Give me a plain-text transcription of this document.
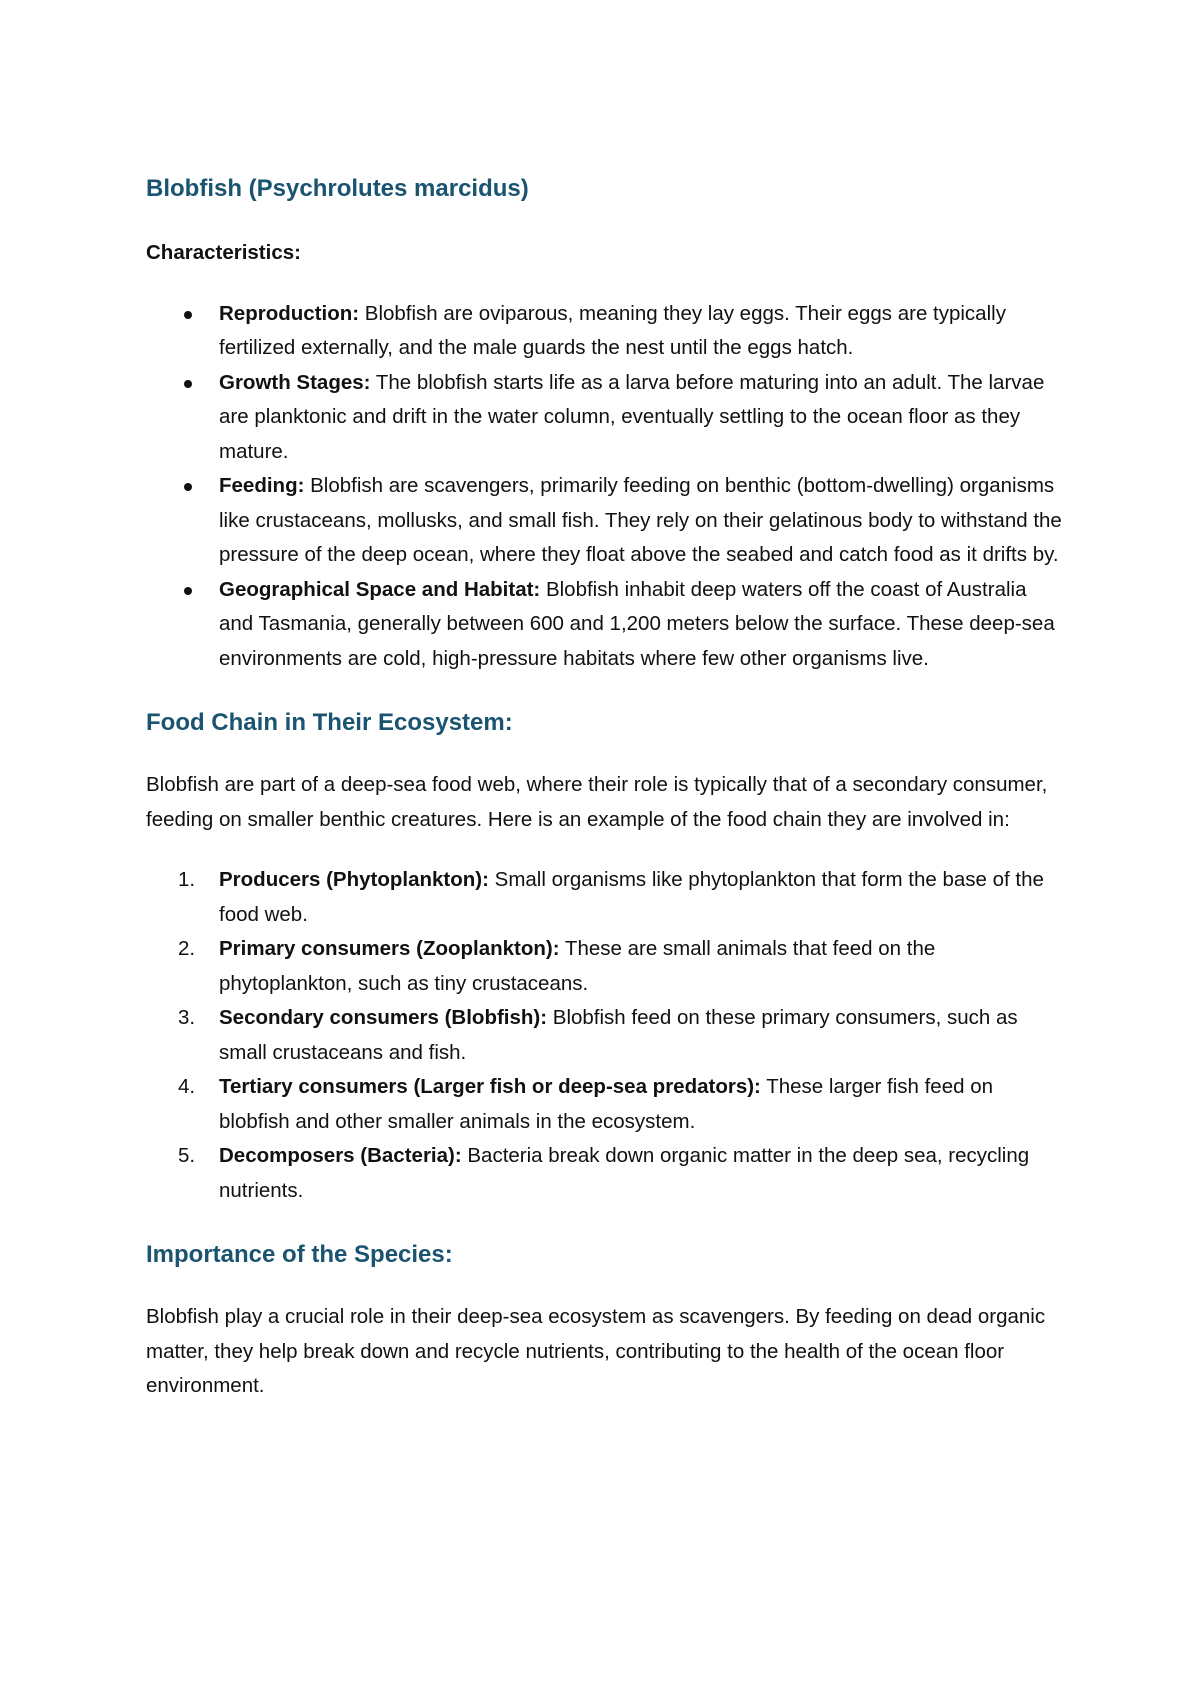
Blobfish (Psychrolutes marcidus)
Characteristics:
Reproduction: Blobfish are oviparous, meaning they lay eggs. Their eggs are typically fertilized externally, and the male guards the nest until the eggs hatch.
Growth Stages: The blobfish starts life as a larva before maturing into an adult. The larvae are planktonic and drift in the water column, eventually settling to the ocean floor as they mature.
Feeding: Blobfish are scavengers, primarily feeding on benthic (bottom-dwelling) organisms like crustaceans, mollusks, and small fish. They rely on their gelatinous body to withstand the pressure of the deep ocean, where they float above the seabed and catch food as it drifts by.
Geographical Space and Habitat: Blobfish inhabit deep waters off the coast of Australia and Tasmania, generally between 600 and 1,200 meters below the surface. These deep-sea environments are cold, high-pressure habitats where few other organisms live.
Food Chain in Their Ecosystem:

Blobfish are part of a deep-sea food web, where their role is typically that of a secondary consumer, feeding on smaller benthic creatures. Here is an example of the food chain they are involved in:

1. Producers (Phytoplankton): Small organisms like phytoplankton that form the base of the food web.
2. Primary consumers (Zooplankton): These are small animals that feed on the phytoplankton, such as tiny crustaceans.
3. Secondary consumers (Blobfish): Blobfish feed on these primary consumers, such as small crustaceans and fish.
4. Tertiary consumers (Larger fish or deep-sea predators): These larger fish feed on blobfish and other smaller animals in the ecosystem.
5. Decomposers (Bacteria): Bacteria break down organic matter in the deep sea, recycling nutrients.
Importance of the Species:

Blobfish play a crucial role in their deep-sea ecosystem as scavengers. By feeding on dead organic matter, they help break down and recycle nutrients, contributing to the health of the ocean floor environment.
